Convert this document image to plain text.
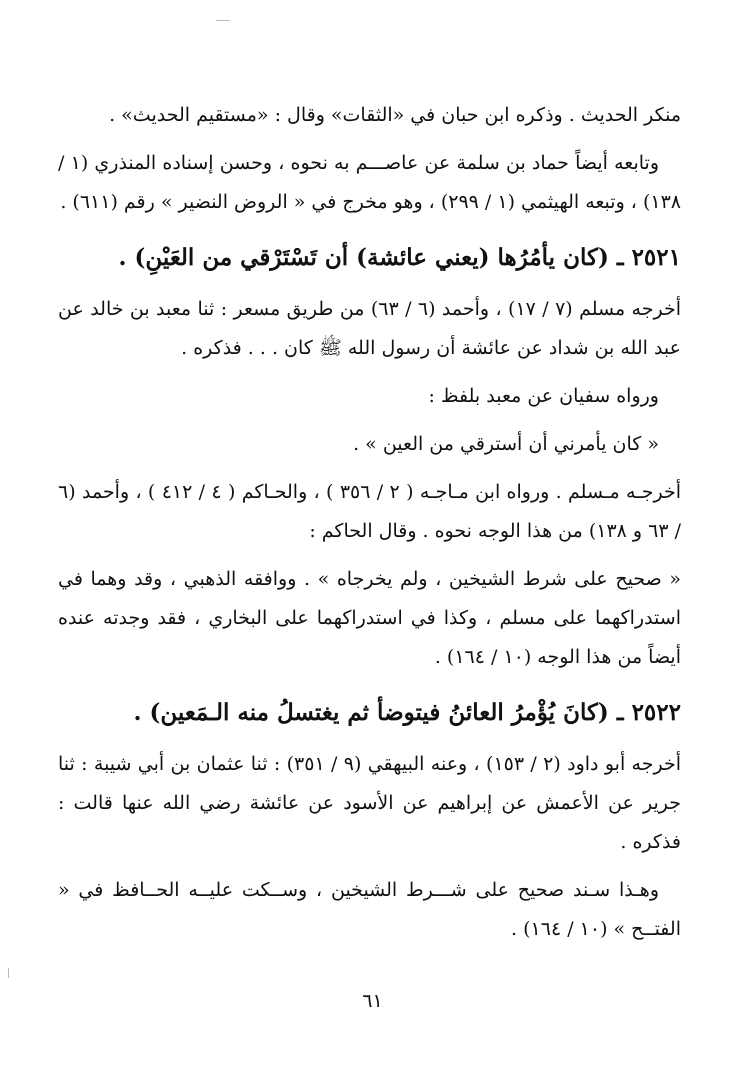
منكر الحديث . وذكره ابن حبان في «الثقات» وقال : «مستقيم الحديث» .

وتابعه أيضاً حماد بن سلمة عن عاصـــم به نحوه ، وحسن إسناده المنذري (١ / ١٣٨) ، وتبعه الهيثمي (١ / ٢٩٩) ، وهو مخرج في « الروض النضير » رقم (٦١١) .

٢٥٢١ ـ (كان يأمُرُها (يعني عائشة) أن تَسْتَرْقي من العَيْنِ) .

أخرجه مسلم (٧ / ١٧) ، وأحمد (٦ / ٦٣) من طريق مسعر : ثنا معبد بن خالد عن عبد الله بن شداد عن عائشة أن رسول الله ﷺ كان . . . فذكره .

ورواه سفيان عن معبد بلفظ :

« كان يأمرني أن أسترقي من العين » .

أخرجـه مـسلم . ورواه ابن مـاجـه ( ٢ / ٣٥٦ ) ، والحـاكم ( ٤ / ٤١٢ ) ، وأحمد (٦ / ٦٣ و ١٣٨) من هذا الوجه نحوه . وقال الحاكم :

« صحيح على شرط الشيخين ، ولم يخرجاه » . ووافقه الذهبي ، وقد وهما في استدراكهما على مسلم ، وكذا في استدراكهما على البخاري ، فقد وجدته عنده أيضاً من هذا الوجه (١٠ / ١٦٤) .

٢٥٢٢ ـ (كانَ يُؤْمرُ العائنُ فيتوضأ ثم يغتسلُ منه الـمَعين) .

أخرجه أبو داود (٢ / ١٥٣) ، وعنه البيهقي (٩ / ٣٥١) : ثنا عثمان بن أبي شيبة : ثنا جرير عن الأعمش عن إبراهيم عن الأسود عن عائشة رضي الله عنها قالت : فذكره .

وهـذا سـند صحيح على شـــرط الشيخين ، وســكت عليــه الحــافظ في « الفتــح » (١٠ / ١٦٤) .

٦١
